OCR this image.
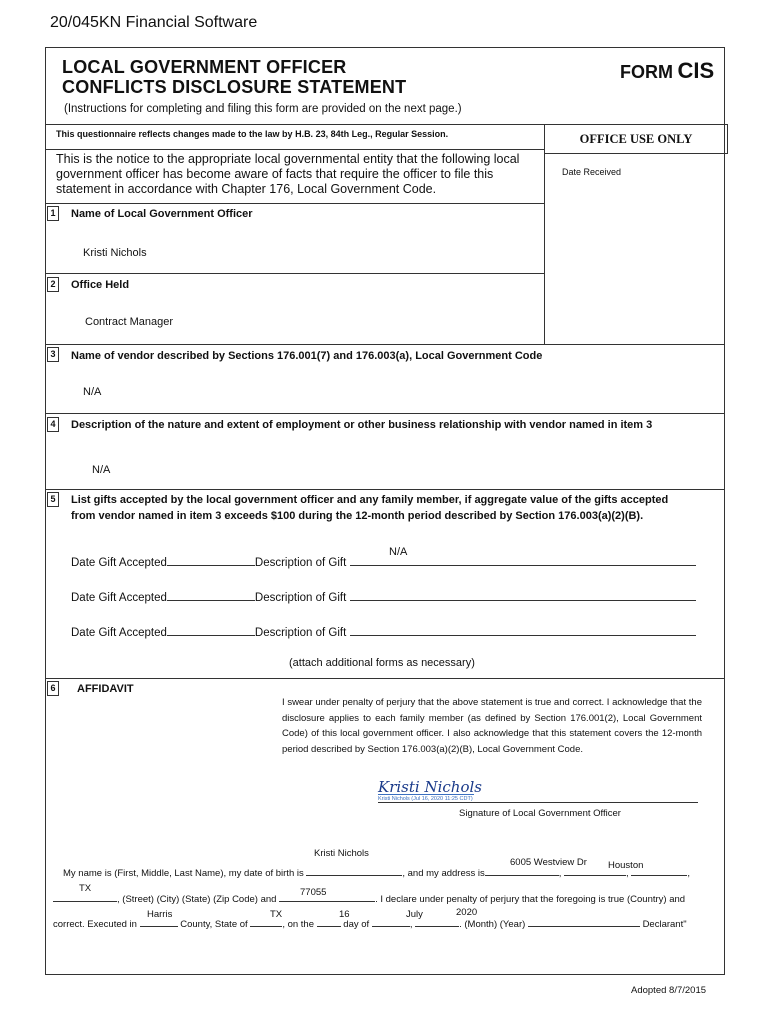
20/045KN Financial Software
LOCAL GOVERNMENT OFFICER
CONFLICTS DISCLOSURE STATEMENT
FORM CIS
(Instructions for completing and filing this form are provided on the next page.)
This questionnaire reflects changes made to the law by H.B. 23, 84th Leg., Regular Session.	OFFICE USE ONLY
Date Received
This is the notice to the appropriate local governmental entity that the following local government officer has become aware of facts that require the officer to file this statement in accordance with Chapter 176, Local Government Code.
1	Name of Local Government Officer
Kristi Nichols
2	Office Held
Contract Manager
3	Name of vendor described by Sections 176.001(7) and 176.003(a), Local Government Code
N/A
4	Description of the nature and extent of employment or other business relationship with vendor named in item 3
N/A
5	List gifts accepted by the local government officer and any family member, if aggregate value of the gifts accepted
from vendor named in item 3 exceeds $100 during the 12-month period described by Section 176.003(a)(2)(B).
N/A
Date Gift Accepted	Description of Gift
Date Gift Accepted	Description of Gift
Date Gift Accepted	Description of Gift
(attach additional forms as necessary)
6	AFFIDAVIT
I swear under penalty of perjury that the above statement is true and correct. I acknowledge that the disclosure applies to each family member (as defined by Section 176.001(2), Local Government Code) of this local government officer. I also acknowledge that this statement covers the 12-month period described by Section 176.003(a)(2)(B), Local Government Code.
Kristi Nichols
Kristi Nichols (Jul 16, 2020 11:25 CDT)
Signature of Local Government Officer
Kristi Nichols
My name is (First, Middle, Last Name), my date of birth is	, and my address is	,	,	,
6005 Westview Dr Houston
TX
, (Street) (City) (State) (Zip Code) and	. I declare under penalty of perjury that the foregoing is true (Country) and
77055
correct. Executed in	County, State of	, on the	day of	,	. (Month) (Year)	Declarant"
Harris	TX	16	July	2020
Adopted 8/7/2015
